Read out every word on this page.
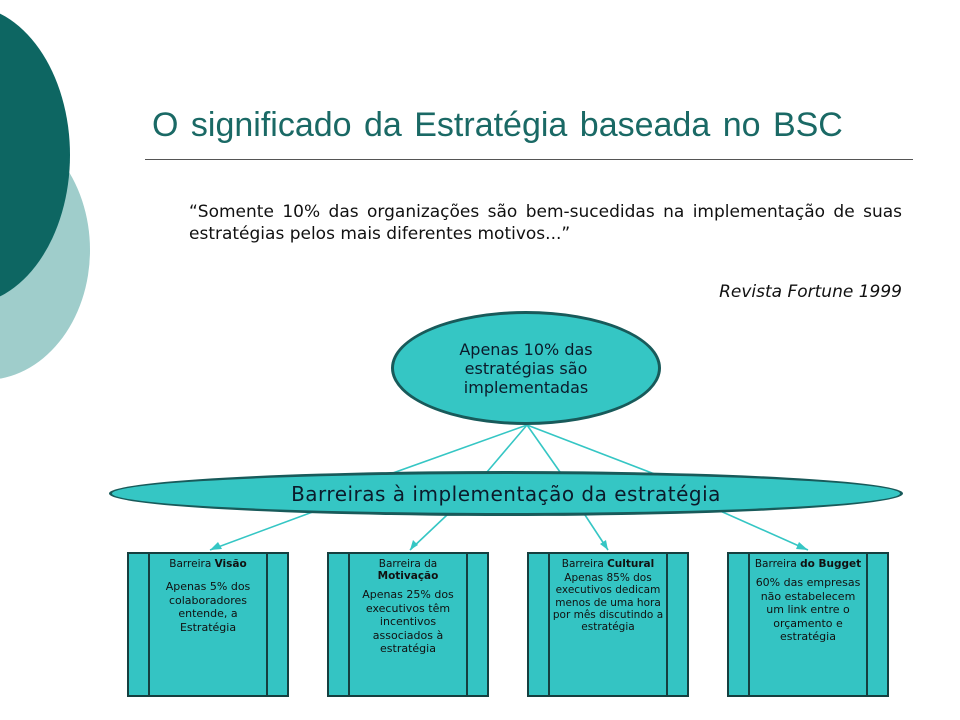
O significado da Estratégia baseada no BSC

“Somente 10% das organizações são bem-sucedidas na implementação de suas estratégias pelos mais diferentes motivos...”

Revista Fortune 1999
Apenas 10% das estratégias são implementadas
Barreiras à implementação da estratégia
Barreira Visão
Apenas 5% dos colaboradores entende, a Estratégia
Barreira da Motivação
Apenas 25% dos executivos têm incentivos associados à estratégia
Barreira Cultural
Apenas 85% dos executivos dedicam menos de uma hora por mês discutindo a estratégia
Barreira do Bugget
60% das empresas não estabelecem um link entre o orçamento e estratégia
